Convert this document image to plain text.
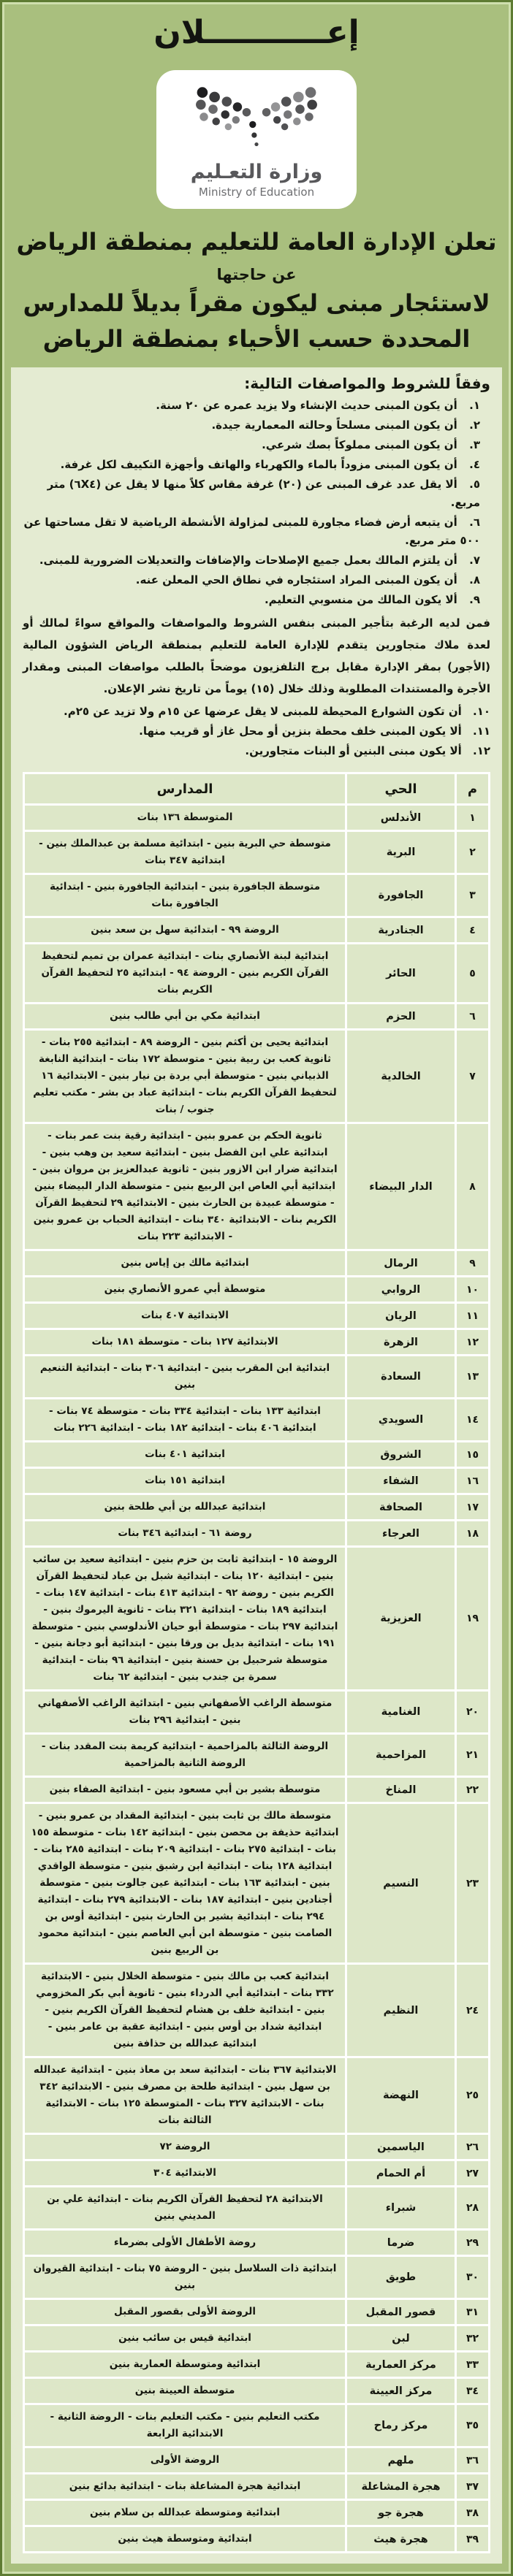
إعـــــــــــلان
وزارة التعـليم
Ministry of Education
تعلن الإدارة العامة للتعليم بمنطقة الرياض
عن حاجتها
لاستئجار مبنى ليكون مقراً بديلاً للمدارس
المحددة حسب الأحياء بمنطقة الرياض
وفقاً للشروط والمواصفات التالية:
١. أن يكون المبنى حديث الإنشاء ولا يزيد عمره عن ٢٠ سنة.
٢. أن يكون المبنى مسلحاً وحالته المعمارية جيدة.
٣. أن يكون المبنى مملوكاً بصك شرعي.
٤. أن يكون المبنى مزوداً بالماء والكهرباء والهاتف وأجهزة التكييف لكل غرفة.
٥. ألا يقل عدد غرف المبنى عن (٢٠) غرفة مقاس كلاً منها لا يقل عن (٦X٤) متر مربع.
٦. أن يتبعه أرض فضاء مجاورة للمبنى لمزاولة الأنشطة الرياضية لا تقل مساحتها عن ٥٠٠ متر مربع.
٧. أن يلتزم المالك بعمل جميع الإصلاحات والإضافات والتعديلات الضرورية للمبنى.
٨. أن يكون المبنى المراد استئجاره في نطاق الحي المعلن عنه.
٩. ألا يكون المالك من منسوبي التعليم.
فمن لديه الرغبة بتأجير المبنى بنفس الشروط والمواصفات والمواقع سواءً لمالك أو لعدة ملاك متجاورين يتقدم للإدارة العامة للتعليم بمنطقة الرياض الشؤون المالية (الأجور) بمقر الإدارة مقابل برج التلفزيون موضحاً بالطلب مواصفات المبنى ومقدار الأجرة والمستندات المطلوبة وذلك خلال (١٥) يوماً من تاريخ نشر الإعلان.
١٠. أن تكون الشوارع المحيطة للمبنى لا يقل عرضها عن ١٥م ولا تزيد عن ٢٥م.
١١. ألا يكون المبنى خلف محطة بنزين أو محل غاز أو قريب منها.
١٢. ألا يكون مبنى البنين أو البنات متجاورين.
م	الحي	المدارس
١	الأندلس	المتوسطة ١٣٦ بنات
٢	البرية	متوسطة حي البرية بنين - ابتدائية مسلمة بن عبدالملك بنين - ابتدائية ٣٤٧ بنات
٣	الجافورة	متوسطة الجافورة بنين - ابتدائية الجافورة بنين - ابتدائية الجافورة بنات
٤	الجنادرية	الروضة ٩٩ - ابتدائية سهل بن سعد بنين
٥	الحائر	ابتدائية لبنة الأنصاري بنات - ابتدائية عمران بن تميم لتحفيظ القرآن الكريم بنين - الروضة ٩٤ - ابتدائية ٢٥ لتحفيظ القرآن الكريم بنات
٦	الحزم	ابتدائية مكي بن أبي طالب بنين
٧	الخالدية	ابتدائية يحيى بن أكثم بنين - الروضة ٨٩ - ابتدائية ٢٥٥ بنات - ثانوية كعب بن ربية بنين - متوسطة ١٧٢ بنات - ابتدائية النابغة الذبياني بنين - متوسطة أبي بردة بن نيار بنين - الابتدائية ١٦ لتحفيظ القرآن الكريم بنات - ابتدائية عباد بن بشر - مكتب تعليم جنوب / بنات
٨	الدار البيضاء	ثانوية الحكم بن عمرو بنين - ابتدائية رقية بنت عمر بنات - ابتدائية علي ابن الفضل بنين - ابتدائية سعيد بن وهب بنين - ابتدائية ضرار ابن الازور بنين - ثانوية عبدالعزيز بن مروان بنين - ابتدائية أبي العاص ابن الربيع بنين - متوسطة الدار البيضاء بنين - متوسطة عبيدة بن الحارث بنين - الابتدائية ٢٩ لتحفيظ القرآن الكريم بنات - الابتدائية ٣٤٠ بنات - ابتدائية الحباب بن عمرو بنين - الابتدائية ٢٢٣ بنات
٩	الرمال	ابتدائية مالك بن إياس بنين
١٠	الروابي	متوسطة أبي عمرو الأنصاري بنين
١١	الريان	الابتدائية ٤٠٧ بنات
١٢	الزهرة	الابتدائية ١٢٧ بنات - متوسطة ١٨١ بنات
١٣	السعادة	ابتدائية ابن المقرب بنين - ابتدائية ٣٠٦ بنات - ابتدائية التنعيم بنين
١٤	السويدي	ابتدائية ١٣٣ بنات - ابتدائية ٣٣٤ بنات - متوسطة ٧٤ بنات - ابتدائية ٤٠٦ بنات - ابتدائية ١٨٢ بنات - ابتدائية ٢٢٦ بنات
١٥	الشروق	ابتدائية ٤٠١ بنات
١٦	الشفاء	ابتدائية ١٥١ بنات
١٧	الصحافة	ابتدائية عبدالله بن أبي طلحة بنين
١٨	العرجاء	روضة ٦١ - ابتدائية ٣٤٦ بنات
١٩	العزيزية	الروضة ١٥ - ابتدائية ثابت بن حزم بنين - ابتدائية سعيد بن سائب بنين - ابتدائية ١٢٠ بنات - ابتدائية شبل بن عباد لتحفيظ القرآن الكريم بنين - روضة ٩٢ - ابتدائية ٤١٣ بنات - ابتدائية ١٤٧ بنات - ابتدائية ١٨٩ بنات - ابتدائية ٣٢١ بنات - ثانوية اليرموك بنين - ابتدائية ٢٩٧ بنات - متوسطة أبو حيان الأندلوسي بنين - متوسطة ١٩١ بنات - ابتدائية بديل بن ورقا بنين - ابتدائية أبو دجانة بنين - متوسطة شرحبيل بن حسنة بنين - ابتدائية ٩٦ بنات - ابتدائية سمرة بن جندب بنين - ابتدائية ٦٢ بنات
٢٠	الغنامية	متوسطة الراغب الأصفهاني بنين - ابتدائية الراغب الأصفهاني بنين - ابتدائية ٢٩٦ بنات
٢١	المزاحمية	الروضة الثالثة بالمزاحمية - ابتدائية كريمة بنت المقدد بنات - الروضة الثانية بالمزاحمية
٢٢	المناخ	متوسطة بشير بن أبي مسعود بنين - ابتدائية الصفاء بنين
٢٣	النسيم	متوسطة مالك بن ثابت بنين - ابتدائية المقداد بن عمرو بنين - ابتدائية حذيفة بن محصن بنين - ابتدائية ١٤٢ بنات - متوسطة ١٥٥ بنات - ابتدائية ٢٧٥ بنات - ابتدائية ٢٠٩ بنات - ابتدائية ٢٨٥ بنات - ابتدائية ١٢٨ بنات - ابتدائية ابن رشبق بنين - متوسطة الواقدي بنين - ابتدائية ١٦٣ بنات - ابتدائية عين جالوت بنين - متوسطة أجنادين بنين - ابتدائية ١٨٧ بنات - الابتدائية ٢٧٩ بنات - ابتدائية ٢٩٤ بنات - ابتدائية بشير بن الحارث بنين - ابتدائية أوس بن الصامت بنين - متوسطة ابن أبي العاصم بنين - ابتدائية محمود بن الربيع بنين
٢٤	النظيم	ابتدائية كعب بن مالك بنين - متوسطة الخلال بنين - الابتدائية ٣٣٢ بنات - ابتدائية أبي الدرداء بنين - ثانوية أبي بكر المخزومي بنين - ابتدائية خلف بن هشام لتحفيظ القرآن الكريم بنين - ابتدائية شداد بن أوس بنين - ابتدائية عقبة بن عامر بنين - ابتدائية عبدالله بن حذافة بنين
٢٥	النهضة	الابتدائية ٣٦٧ بنات - ابتدائية سعد بن معاذ بنين - ابتدائية عبدالله بن سهل بنين - ابتدائية طلحة بن مصرف بنين - الابتدائية ٣٤٢ بنات - الابتدائية ٣٢٧ بنات - المتوسطة ١٢٥ بنات - الابتدائية الثالثة بنات
٢٦	الياسمين	الروضة ٧٢
٢٧	أم الحمام	الابتدائية ٣٠٤
٢٨	شبراء	الابتدائية ٢٨ لتحفيظ القرآن الكريم بنات - ابتدائية علي بن المديني بنين
٢٩	ضرما	روضة الأطفال الأولى بضرماء
٣٠	طويق	ابتدائية ذات السلاسل بنين - الروضة ٧٥ بنات - ابتدائية القيروان بنين
٣١	قصور المقبل	الروضة الأولى بقصور المقبل
٣٢	لبن	ابتدائية قيس بن سائب بنين
٣٣	مركز العمارية	ابتدائية ومتوسطة العمارية بنين
٣٤	مركز العيينة	متوسطة العيينة بنين
٣٥	مركز رماح	مكتب التعليم بنين - مكتب التعليم بنات - الروضة الثانية - الابتدائية الرابعة
٣٦	ملهم	الروضة الأولى
٣٧	هجرة المشاعلة	ابتدائية هجرة المشاعلة بنات - ابتدائية بدائع بنين
٣٨	هجرة جو	ابتدائية ومتوسطة عبدالله بن سلام بنين
٣٩	هجرة هيث	ابتدائية ومتوسطة هيث بنين
